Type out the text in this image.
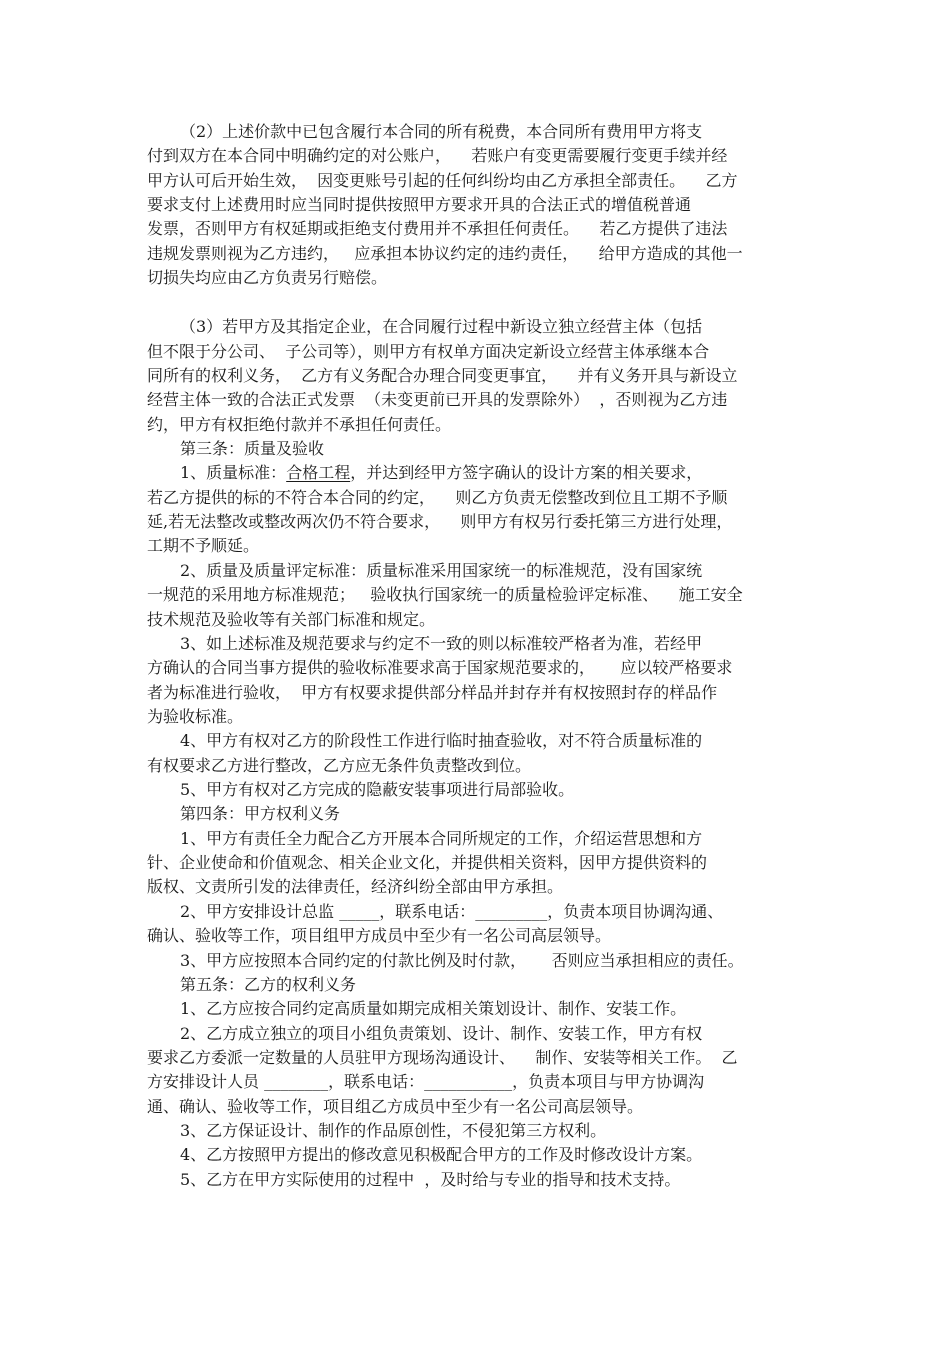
（2）上述价款中已包含履行本合同的所有税费，本合同所有费用甲方将支
付到双方在本合同中明确约定的对公账户，    若账户有变更需要履行变更手续并经
甲方认可后开始生效，  因变更账号引起的任何纠纷均由乙方承担全部责任。    乙方
要求支付上述费用时应当同时提供按照甲方要求开具的合法正式的增值税普通
发票，否则甲方有权延期或拒绝支付费用并不承担任何责任。    若乙方提供了违法
违规发票则视为乙方违约，   应承担本协议约定的违约责任，    给甲方造成的其他一
切损失均应由乙方负责另行赔偿。
（3）若甲方及其指定企业，在合同履行过程中新设立独立经营主体（包括
但不限于分公司、  子公司等），则甲方有权单方面决定新设立经营主体承继本合
同所有的权利义务，  乙方有义务配合办理合同变更事宜，    并有义务开具与新设立
经营主体一致的合法正式发票  （未变更前已开具的发票除外）  ，否则视为乙方违
约，甲方有权拒绝付款并不承担任何责任。
第三条：质量及验收
1、质量标准：合格工程，并达到经甲方签字确认的设计方案的相关要求，
若乙方提供的标的不符合本合同的约定，    则乙方负责无偿整改到位且工期不予顺
延,若无法整改或整改两次仍不符合要求，    则甲方有权另行委托第三方进行处理，
工期不予顺延。
2、质量及质量评定标准：质量标准采用国家统一的标准规范，没有国家统
一规范的采用地方标准规范；   验收执行国家统一的质量检验评定标准、    施工安全
技术规范及验收等有关部门标准和规定。
3、如上述标准及规范要求与约定不一致的则以标准较严格者为准，若经甲
方确认的合同当事方提供的验收标准要求高于国家规范要求的，     应以较严格要求
者为标准进行验收，  甲方有权要求提供部分样品并封存并有权按照封存的样品作
为验收标准。
4、甲方有权对乙方的阶段性工作进行临时抽查验收，对不符合质量标准的
有权要求乙方进行整改，乙方应无条件负责整改到位。
5、甲方有权对乙方完成的隐蔽安装事项进行局部验收。
第四条：甲方权利义务
1、甲方有责任全力配合乙方开展本合同所规定的工作，介绍运营思想和方
针、企业使命和价值观念、相关企业文化，并提供相关资料，因甲方提供资料的
版权、文责所引发的法律责任，经济纠纷全部由甲方承担。
2、甲方安排设计总监 _____，联系电话：_________，负责本项目协调沟通、
确认、验收等工作，项目组甲方成员中至少有一名公司高层领导。
3、甲方应按照本合同约定的付款比例及时付款，     否则应当承担相应的责任。
第五条：乙方的权利义务
1、乙方应按合同约定高质量如期完成相关策划设计、制作、安装工作。
2、乙方成立独立的项目小组负责策划、设计、制作、安装工作，甲方有权
要求乙方委派一定数量的人员驻甲方现场沟通设计、    制作、安装等相关工作。  乙
方安排设计人员 ________，联系电话：___________，负责本项目与甲方协调沟
通、确认、验收等工作，项目组乙方成员中至少有一名公司高层领导。
3、乙方保证设计、制作的作品原创性，不侵犯第三方权利。
4、乙方按照甲方提出的修改意见积极配合甲方的工作及时修改设计方案。
5、乙方在甲方实际使用的过程中  ，及时给与专业的指导和技术支持。
